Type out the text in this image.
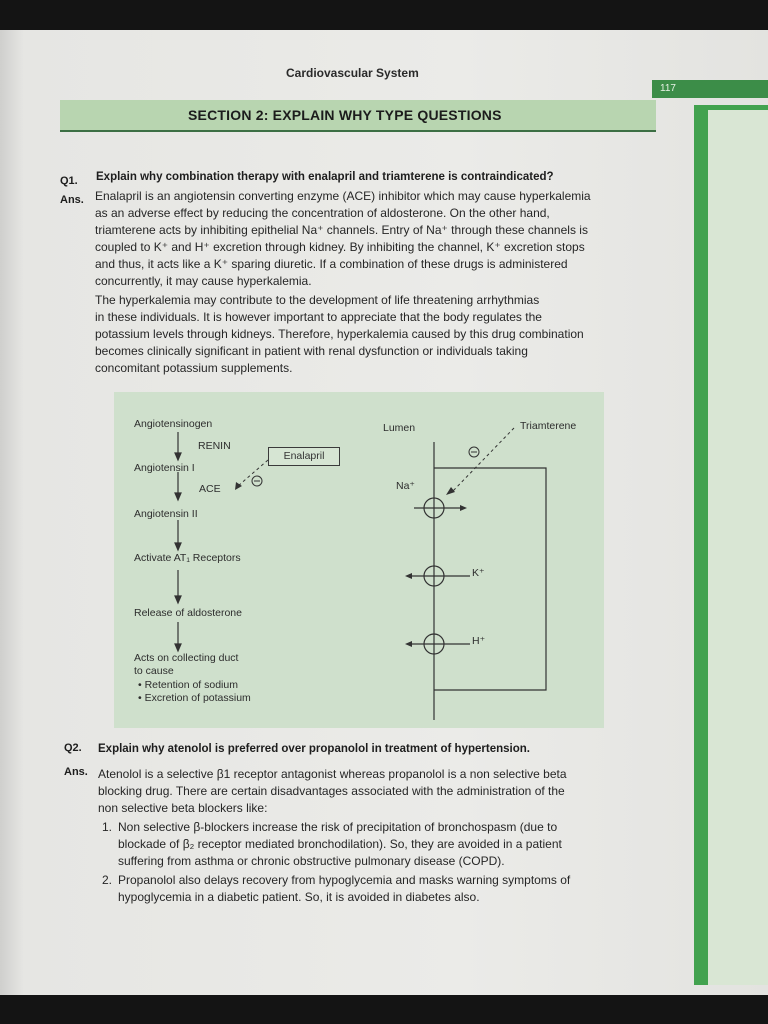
Cardiovascular System
117
SECTION 2: EXPLAIN WHY TYPE QUESTIONS
Q1. Explain why combination therapy with enalapril and triamterene is contraindicated?
Ans. Enalapril is an angiotensin converting enzyme (ACE) inhibitor which may cause hyperkalemia
as an adverse effect by reducing the concentration of aldosterone. On the other hand,
triamterene acts by inhibiting epithelial Na⁺ channels. Entry of Na⁺ through these channels is
coupled to K⁺ and H⁺ excretion through kidney. By inhibiting the channel, K⁺ excretion stops
and thus, it acts like a K⁺ sparing diuretic. If a combination of these drugs is administered
concurrently, it may cause hyperkalemia.
The hyperkalemia may contribute to the development of life threatening arrhythmias
in these individuals. It is however important to appreciate that the body regulates the
potassium levels through kidneys. Therefore, hyperkalemia caused by this drug combination
becomes clinically significant in patient with renal dysfunction or individuals taking
concomitant potassium supplements.
Angiotensinogen
RENIN
Enalapril
Angiotensin I
ACE
Angiotensin II
Activate AT₁ Receptors
Release of aldosterone
Acts on collecting duct
to cause
• Retention of sodium
• Excretion of potassium
Lumen	Triamterene
Na⁺
K⁺
H⁺
Q2. Explain why atenolol is preferred over propanolol in treatment of hypertension.
Ans. Atenolol is a selective β1 receptor antagonist whereas propanolol is a non selective beta
blocking drug. There are certain disadvantages associated with the administration of the
non selective beta blockers like:
1. Non selective β-blockers increase the risk of precipitation of bronchospasm (due to
blockade of β₂ receptor mediated bronchodilation). So, they are avoided in a patient
suffering from asthma or chronic obstructive pulmonary disease (COPD).
2. Propanolol also delays recovery from hypoglycemia and masks warning symptoms of
hypoglycemia in a diabetic patient. So, it is avoided in diabetes also.
